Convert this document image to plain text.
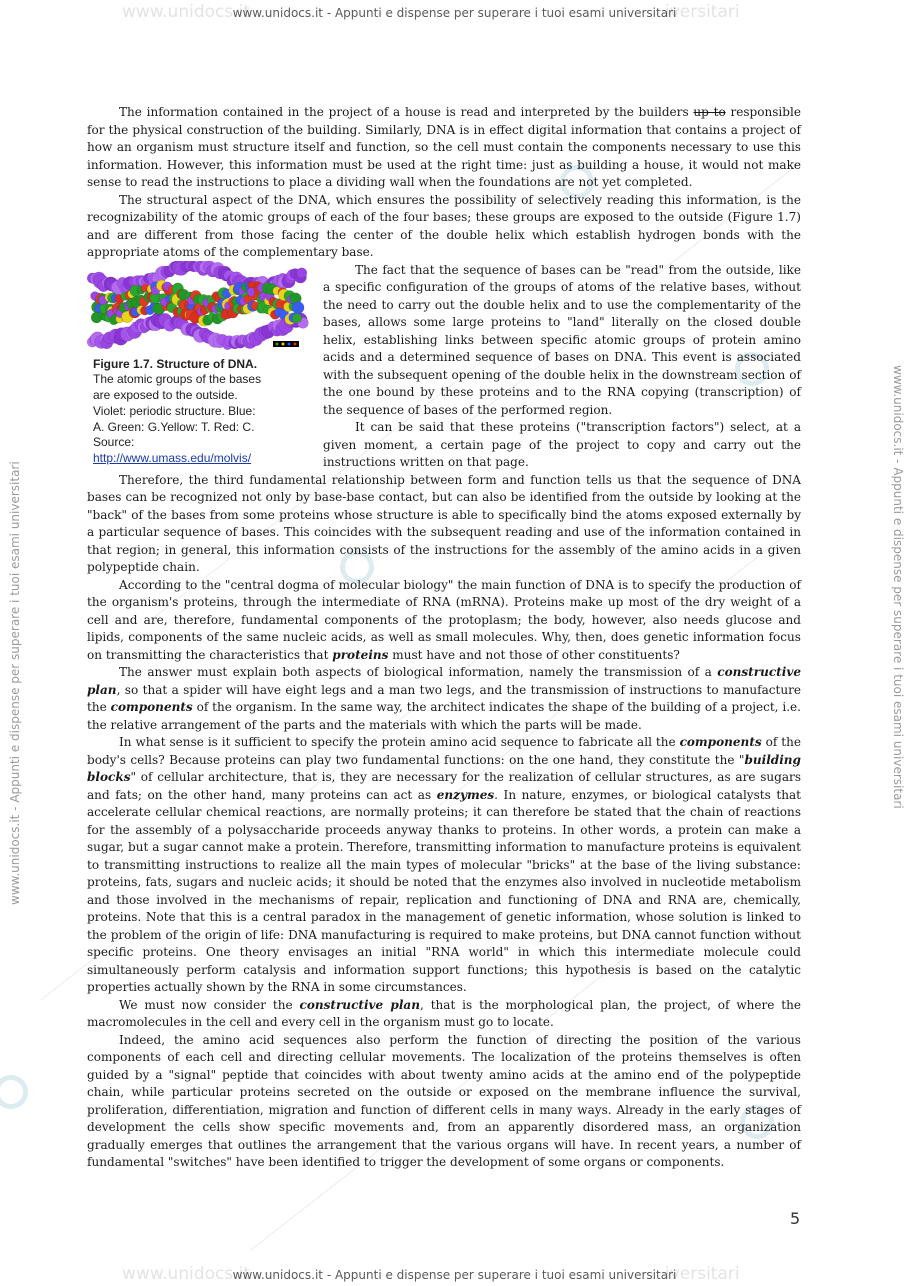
www.unidocs.it	iversitari
www.unidocs.it	iversitari
www.unidocs.it - Appunti e dispense per superare i tuoi esami universitari
www.unidocs.it - Appunti e dispense per superare i tuoi esami universitari	www.unidocs.it - Appunti e dispense per superare i tuoi esami universitari

The information contained in the project of a house is read and interpreted by the builders up to responsible for the physical construction of the building. Similarly, DNA is in effect digital information that contains a project of how an organism must structure itself and function, so the cell must contain the components necessary to use this information. However, this information must be used at the right time: just as building a house, it would not make sense to read the instructions to place a dividing wall when the foundations are not yet completed.

The structural aspect of the DNA, which ensures the possibility of selectively reading this information, is the recognizability of the atomic groups of each of the four bases; these groups are exposed to the outside (Figure 1.7) and are different from those facing the center of the double helix which establish hydrogen bonds with the appropriate atoms of the complementary base.

Figure 1.7. Structure of DNA.
The atomic groups of the bases
are exposed to the outside.
Violet: periodic structure. Blue:
A. Green: G.Yellow: T. Red: C.
Source:
http://www.umass.edu/molvis/

The fact that the sequence of bases can be "read" from the outside, like a specific configuration of the groups of atoms of the relative bases, without the need to carry out the double helix and to use the complementarity of the bases, allows some large proteins to "land" literally on the closed double helix, establishing links between specific atomic groups of protein amino acids and a determined sequence of bases on DNA. This event is associated with the subsequent opening of the double helix in the downstream section of the one bound by these proteins and to the RNA copying (transcription) of the sequence of bases of the performed region.

It can be said that these proteins ("transcription factors") select, at a given moment, a certain page of the project to copy and carry out the instructions written on that page.

Therefore, the third fundamental relationship between form and function tells us that the sequence of DNA bases can be recognized not only by base-base contact, but can also be identified from the outside by looking at the "back" of the bases from some proteins whose structure is able to specifically bind the atoms exposed externally by a particular sequence of bases. This coincides with the subsequent reading and use of the information contained in that region; in general, this information consists of the instructions for the assembly of the amino acids in a given polypeptide chain.

According to the "central dogma of molecular biology" the main function of DNA is to specify the production of the organism's proteins, through the intermediate of RNA (mRNA). Proteins make up most of the dry weight of a cell and are, therefore, fundamental components of the protoplasm; the body, however, also needs glucose and lipids, components of the same nucleic acids, as well as small molecules. Why, then, does genetic information focus on transmitting the characteristics that proteins must have and not those of other constituents?

The answer must explain both aspects of biological information, namely the transmission of a constructive plan, so that a spider will have eight legs and a man two legs, and the transmission of instructions to manufacture the components of the organism. In the same way, the architect indicates the shape of the building of a project, i.e. the relative arrangement of the parts and the materials with which the parts will be made.

In what sense is it sufficient to specify the protein amino acid sequence to fabricate all the components of the body's cells? Because proteins can play two fundamental functions: on the one hand, they constitute the "building blocks" of cellular architecture, that is, they are necessary for the realization of cellular structures, as are sugars and fats; on the other hand, many proteins can act as enzymes. In nature, enzymes, or biological catalysts that accelerate cellular chemical reactions, are normally proteins; it can therefore be stated that the chain of reactions for the assembly of a polysaccharide proceeds anyway thanks to proteins. In other words, a protein can make a sugar, but a sugar cannot make a protein. Therefore, transmitting information to manufacture proteins is equivalent to transmitting instructions to realize all the main types of molecular "bricks" at the base of the living substance: proteins, fats, sugars and nucleic acids; it should be noted that the enzymes also involved in nucleotide metabolism and those involved in the mechanisms of repair, replication and functioning of DNA and RNA are, chemically, proteins. Note that this is a central paradox in the management of genetic information, whose solution is linked to the problem of the origin of life: DNA manufacturing is required to make proteins, but DNA cannot function without specific proteins. One theory envisages an initial "RNA world" in which this intermediate molecule could simultaneously perform catalysis and information support functions; this hypothesis is based on the catalytic properties actually shown by the RNA in some circumstances.

We must now consider the constructive plan, that is the morphological plan, the project, of where the macromolecules in the cell and every cell in the organism must go to locate.

Indeed, the amino acid sequences also perform the function of directing the position of the various components of each cell and directing cellular movements. The localization of the proteins themselves is often guided by a "signal" peptide that coincides with about twenty amino acids at the amino end of the polypeptide chain, while particular proteins secreted on the outside or exposed on the membrane influence the survival, proliferation, differentiation, migration and function of different cells in many ways. Already in the early stages of development the cells show specific movements and, from an apparently disordered mass, an organization gradually emerges that outlines the arrangement that the various organs will have. In recent years, a number of fundamental "switches" have been identified to trigger the development of some organs or components.

5
www.unidocs.it - Appunti e dispense per superare i tuoi esami universitari
